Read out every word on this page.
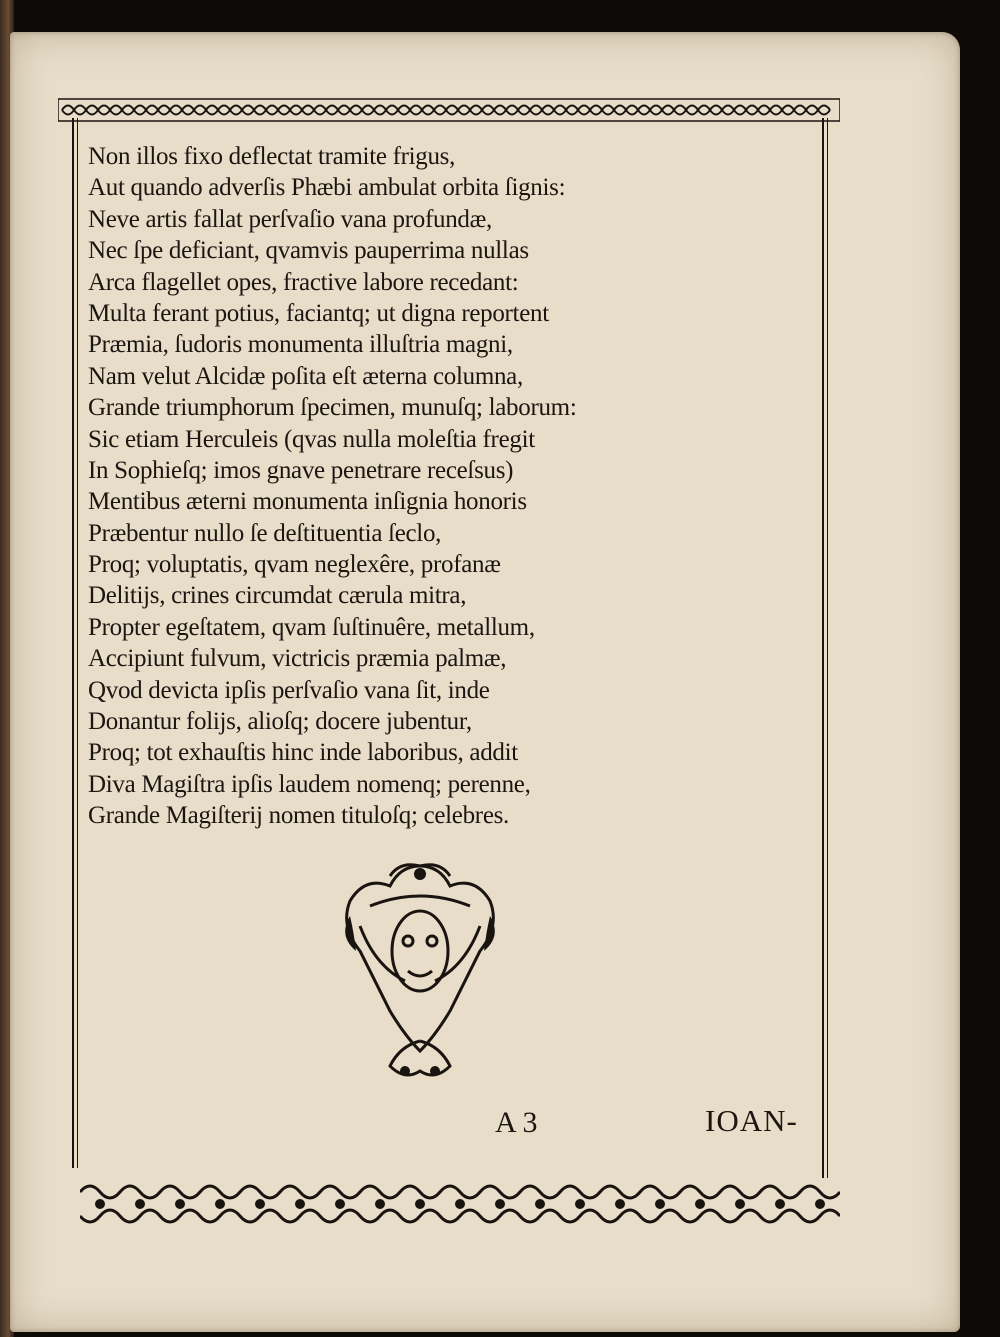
Non illos fixo deflectat tramite frigus,
Aut quando adverſis Phæbi ambulat orbita ſignis:
Neve artis fallat perſvaſio vana profundæ,
Nec ſpe deficiant, qvamvis pauperrima nullas
Arca flagellet opes, fractive labore recedant:
Multa ferant potius, faciantq; ut digna reportent
Præmia, ſudoris monumenta illuſtria magni,
Nam velut Alcidæ poſita eſt æterna columna,
Grande triumphorum ſpecimen, munuſq; laborum:
Sic etiam Herculeis (qvas nulla moleſtia fregit
In Sophieſq; imos gnave penetrare receſsus)
Mentibus æterni monumenta inſignia honoris
Præbentur nullo ſe deſtituentia ſeclo,
Proq; voluptatis, qvam neglexêre, profanæ
Delitijs, crines circumdat cærula mitra,
Propter egeſtatem, qvam ſuſtinuêre, metallum,
Accipiunt fulvum, victricis præmia palmæ,
Qvod devicta ipſis perſvaſio vana ſit, inde
Donantur folijs, alioſq; docere jubentur,
Proq; tot exhauſtis hinc inde laboribus, addit
Diva Magiſtra ipſis laudem nomenq; perenne,
Grande Magiſterij nomen tituloſq; celebres.
A 3	IOAN-
